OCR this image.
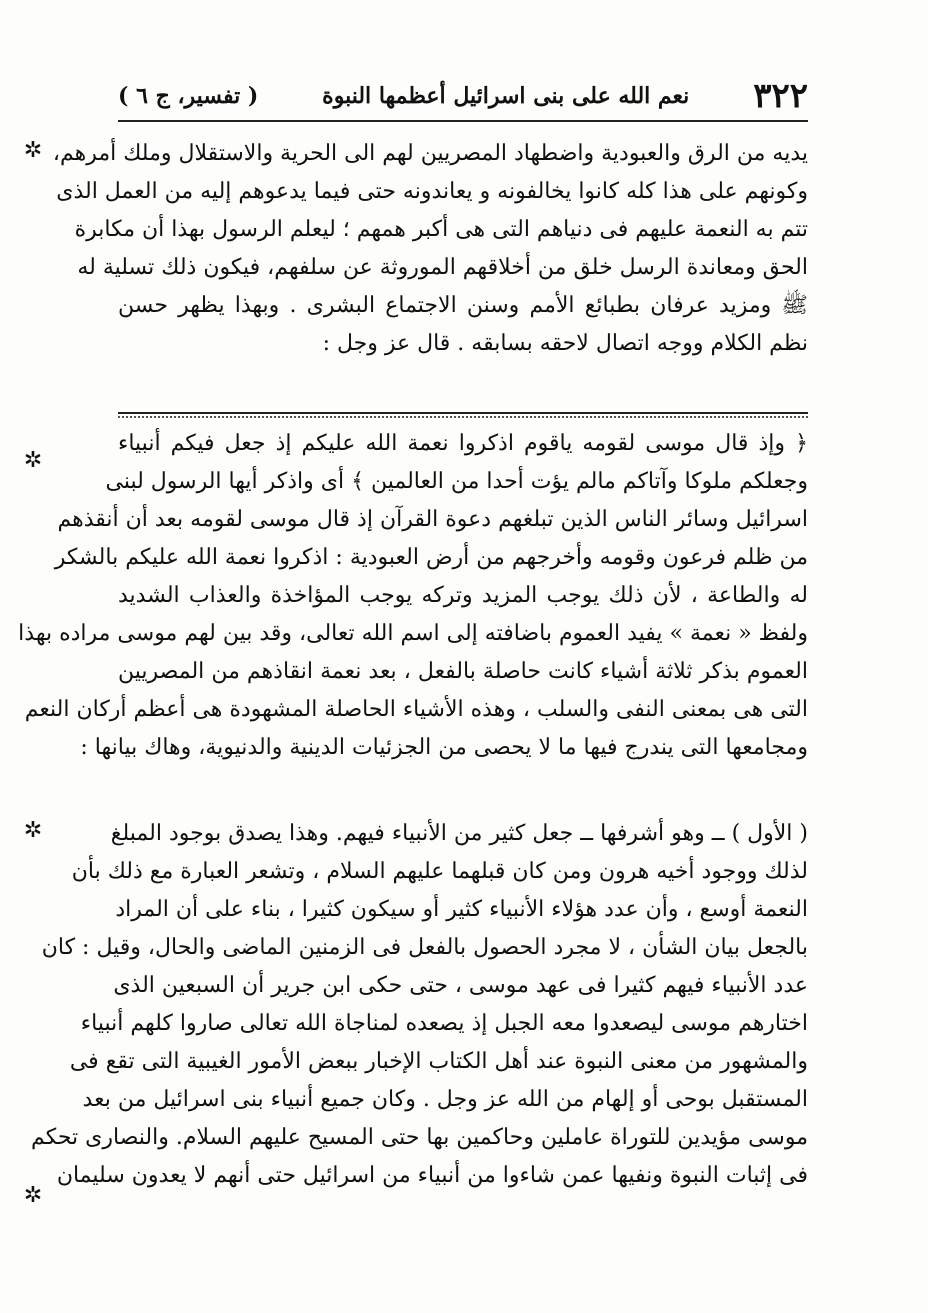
٣٢٢
نعم الله على بنى اسرائيل أعظمها النبوة
( تفسير، ج ٦ )
يديه من الرق والعبودية واضطهاد المصريين لهم الى الحرية والاستقلال وملك أمرهم،
وكونهم على هذا كله كانوا يخالفونه و يعاندونه حتى فيما يدعوهم إليه من العمل الذى
تتم به النعمة عليهم فى دنياهم التى هى أكبر همهم ؛ ليعلم الرسول بهذا أن مكابرة
الحق ومعاندة الرسل خلق من أخلاقهم الموروثة عن سلفهم، فيكون ذلك تسلية له
ﷺ ومزيد عرفان بطبائع الأمم وسنن الاجتماع البشرى . وبهذا يظهر حسن
نظم الكلام ووجه اتصال لاحقه بسابقه . قال عز وجل :
﴿ وإذ قال موسى لقومه ياقوم اذكروا نعمة الله عليكم إذ جعل فيكم أنبياء
وجعلكم ملوكا وآتاكم مالم يؤت أحدا من العالمين ﴾ أى واذكر أيها الرسول لبنى
اسرائيل وسائر الناس الذين تبلغهم دعوة القرآن إذ قال موسى لقومه بعد أن أنقذهم
من ظلم فرعون وقومه وأخرجهم من أرض العبودية : اذكروا نعمة الله عليكم بالشكر
له والطاعة ، لأن ذلك يوجب المزيد وتركه يوجب المؤاخذة والعذاب الشديد
ولفظ « نعمة » يفيد العموم باضافته إلى اسم الله تعالى، وقد بين لهم موسى مراده بهذا
العموم بذكر ثلاثة أشياء كانت حاصلة بالفعل ، بعد نعمة انقاذهم من المصريين
التى هى بمعنى النفى والسلب ، وهذه الأشياء الحاصلة المشهودة هى أعظم أركان النعم
ومجامعها التى يندرج فيها ما لا يحصى من الجزئيات الدينية والدنيوية، وهاك بيانها :
( الأول ) ــ وهو أشرفها ــ جعل كثير من الأنبياء فيهم. وهذا يصدق بوجود المبلغ
لذلك ووجود أخيه هرون ومن كان قبلهما عليهم السلام ، وتشعر العبارة مع ذلك بأن
النعمة أوسع ، وأن عدد هؤلاء الأنبياء كثير أو سيكون كثيرا ، بناء على أن المراد
بالجعل بيان الشأن ، لا مجرد الحصول بالفعل فى الزمنين الماضى والحال، وقيل : كان
عدد الأنبياء فيهم كثيرا فى عهد موسى ، حتى حكى ابن جرير أن السبعين الذى
اختارهم موسى ليصعدوا معه الجبل إذ يصعده لمناجاة الله تعالى صاروا كلهم أنبياء
والمشهور من معنى النبوة عند أهل الكتاب الإخبار ببعض الأمور الغيبية التى تقع فى
المستقبل بوحى أو إلهام من الله عز وجل . وكان جميع أنبياء بنى اسرائيل من بعد
موسى مؤيدين للتوراة عاملين وحاكمين بها حتى المسيح عليهم السلام. والنصارى تحكم
فى إثبات النبوة ونفيها عمن شاءوا من أنبياء من اسرائيل حتى أنهم لا يعدون سليمان
✲
✲
✲
✲
